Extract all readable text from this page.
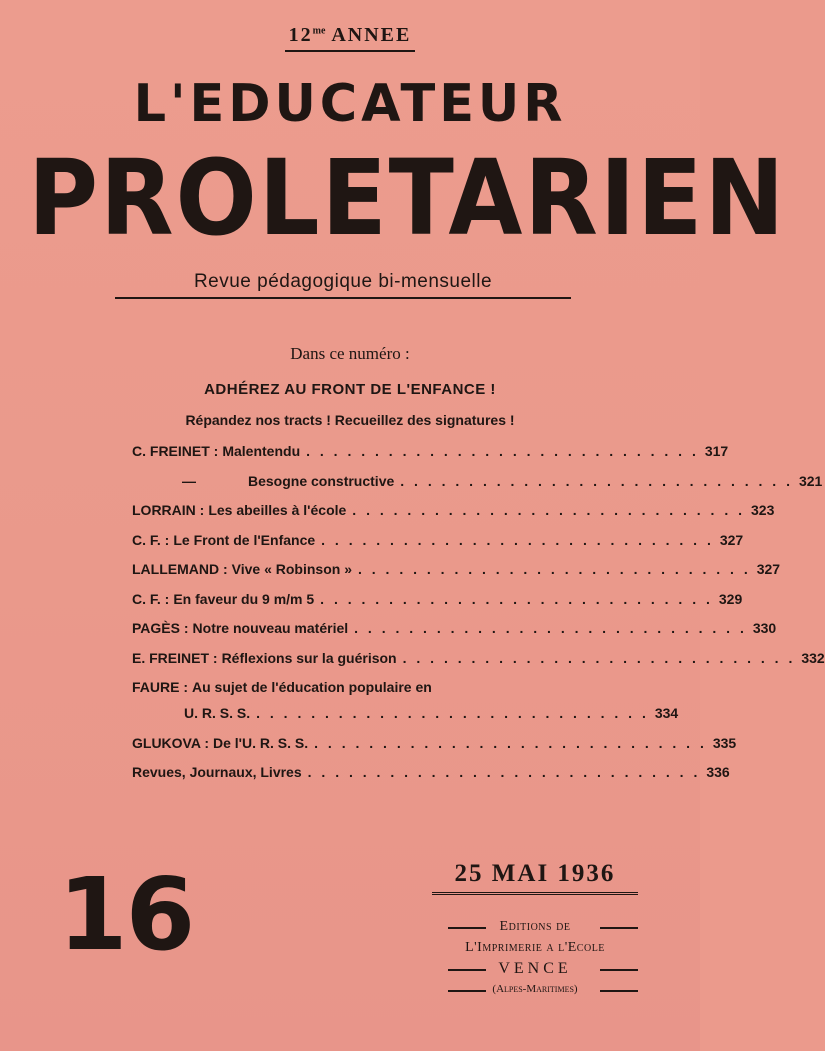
$12^{me}$ ANNEE
L'EDUCATEUR
PROLETARIEN
Revue pédagogique bi-mensuelle
Dans ce numéro :
ADHÉREZ AU FRONT DE L'ENFANCE !
Répandez nos tracts ! Recueillez des signatures !
C. FREINET : Malentendu . . . . . . . . . . . . . . . . . . . . . . . . . . . . . 317
—	Besogne constructive . . . . . . . . . . . . . . . . . . . . . . . . . . . . . 321
LORRAIN : Les abeilles à l'école . . . . . . . . . . . . . . . . . . . . . . . . . . . . . 323
C. F. : Le Front de l'Enfance . . . . . . . . . . . . . . . . . . . . . . . . . . . . . 327
LALLEMAND : Vive « Robinson » . . . . . . . . . . . . . . . . . . . . . . . . . . . . . 327
C. F. : En faveur du 9 m/m 5 . . . . . . . . . . . . . . . . . . . . . . . . . . . . . 329
PAGÈS : Notre nouveau matériel . . . . . . . . . . . . . . . . . . . . . . . . . . . . . 330
E. FREINET : Réflexions sur la guérison . . . . . . . . . . . . . . . . . . . . . . . . . . . . . 332
FAURE : Au sujet de l'éducation populaire en
U. R. S. S. . . . . . . . . . . . . . . . . . . . . . . . . . . . . . 334
GLUKOVA : De l'U. R. S. S. . . . . . . . . . . . . . . . . . . . . . . . . . . . . . 335
Revues, Journaux, Livres . . . . . . . . . . . . . . . . . . . . . . . . . . . . . 336
25 MAI 1936
16	Editions de
L'Imprimerie a l'Ecole
VENCE
(Alpes-Maritimes)
